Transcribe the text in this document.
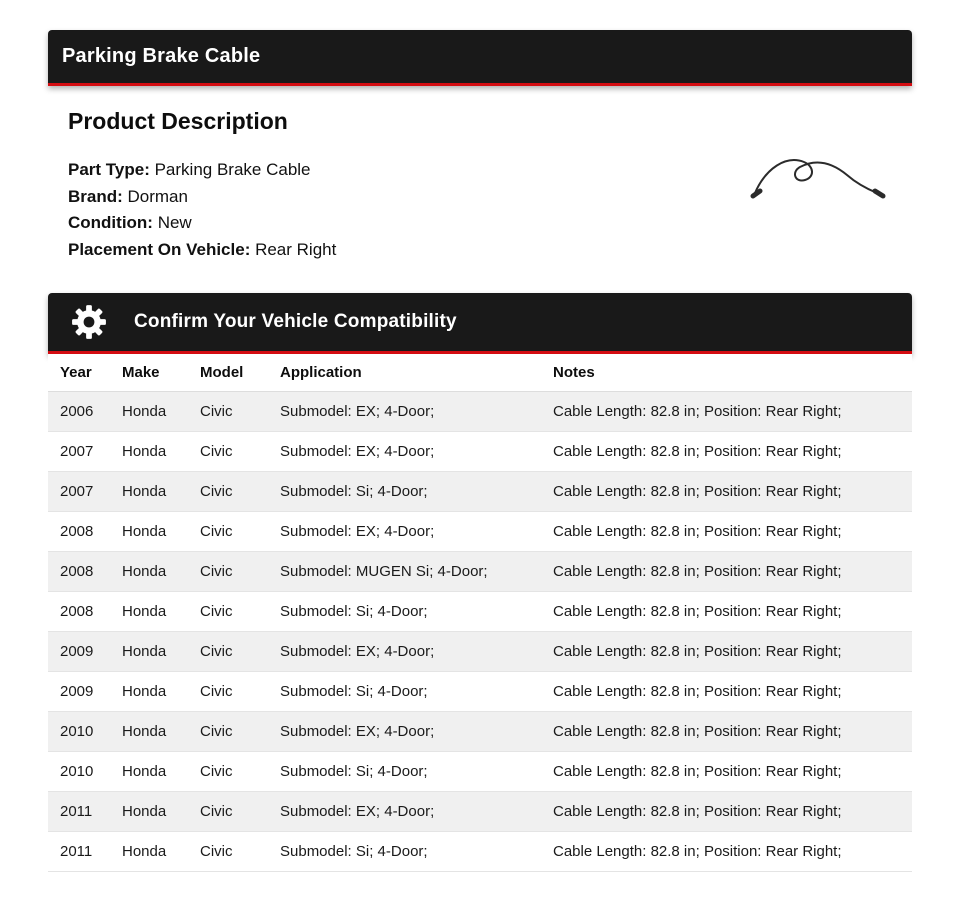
Parking Brake Cable
Product Description
Part Type: Parking Brake Cable
Brand: Dorman
Condition: New
Placement On Vehicle: Rear Right
Confirm Your Vehicle Compatibility
Year	Make	Model	Application	Notes
2006	Honda	Civic	Submodel: EX; 4-Door;	Cable Length: 82.8 in; Position: Rear Right;
2007	Honda	Civic	Submodel: EX; 4-Door;	Cable Length: 82.8 in; Position: Rear Right;
2007	Honda	Civic	Submodel: Si; 4-Door;	Cable Length: 82.8 in; Position: Rear Right;
2008	Honda	Civic	Submodel: EX; 4-Door;	Cable Length: 82.8 in; Position: Rear Right;
2008	Honda	Civic	Submodel: MUGEN Si; 4-Door;	Cable Length: 82.8 in; Position: Rear Right;
2008	Honda	Civic	Submodel: Si; 4-Door;	Cable Length: 82.8 in; Position: Rear Right;
2009	Honda	Civic	Submodel: EX; 4-Door;	Cable Length: 82.8 in; Position: Rear Right;
2009	Honda	Civic	Submodel: Si; 4-Door;	Cable Length: 82.8 in; Position: Rear Right;
2010	Honda	Civic	Submodel: EX; 4-Door;	Cable Length: 82.8 in; Position: Rear Right;
2010	Honda	Civic	Submodel: Si; 4-Door;	Cable Length: 82.8 in; Position: Rear Right;
2011	Honda	Civic	Submodel: EX; 4-Door;	Cable Length: 82.8 in; Position: Rear Right;
2011	Honda	Civic	Submodel: Si; 4-Door;	Cable Length: 82.8 in; Position: Rear Right;
